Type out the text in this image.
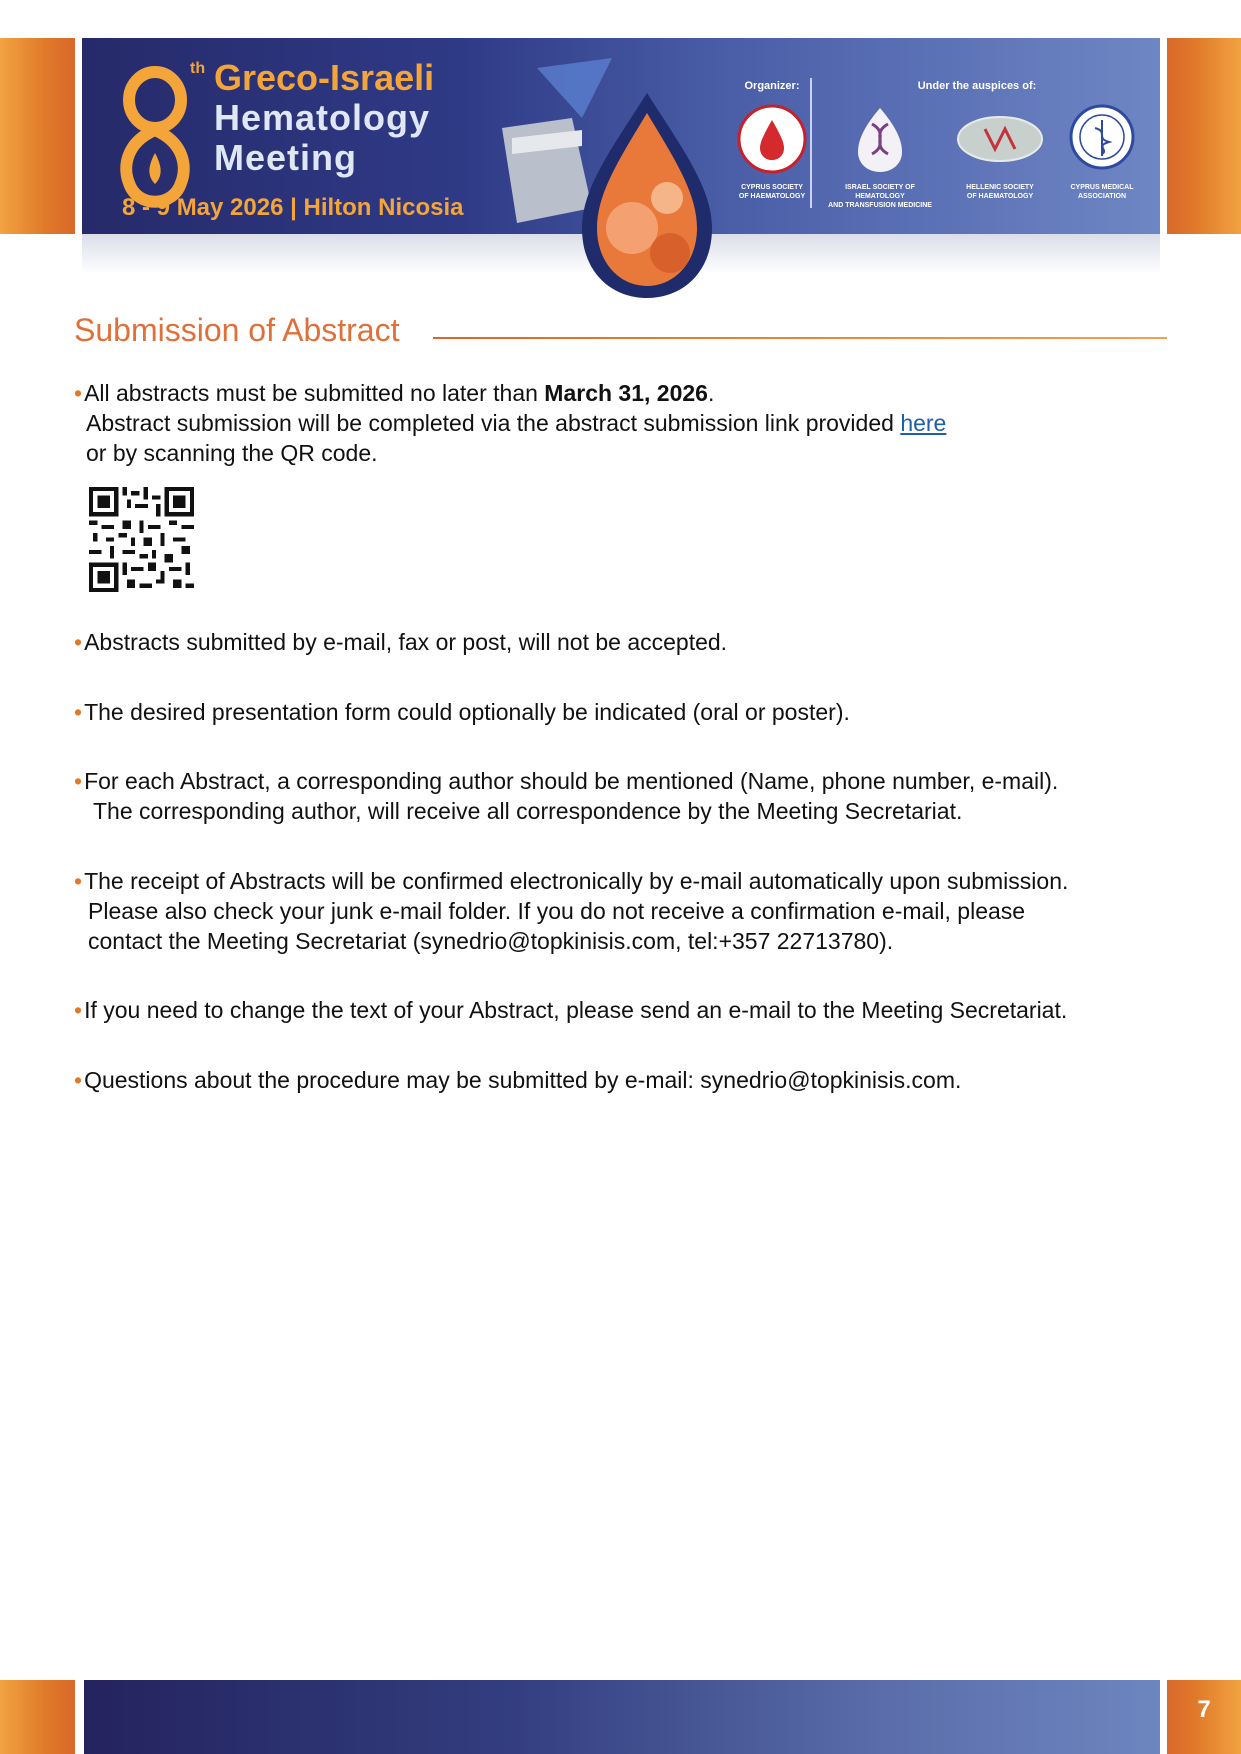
th Greco-Israeli
Hematology
Meeting
8 - 9 May 2026 | Hilton Nicosia
Organizer:	Under the auspices of:
CYPRUS SOCIETY
OF HAEMATOLOGY
ISRAEL SOCIETY OF HEMATOLOGY
AND TRANSFUSION MEDICINE
HELLENIC SOCIETY
OF HAEMATOLOGY
CYPRUS MEDICAL
ASSOCIATION
Submission of Abstract
•All abstracts must be submitted no later than March 31, 2026.
Abstract submission will be completed via the abstract submission link provided here
or by scanning the QR code.
•Abstracts submitted by e-mail, fax or post, will not be accepted.
•The desired presentation form could optionally be indicated (oral or poster).
•For each Abstract, a corresponding author should be mentioned (Name, phone number, e-mail).
The corresponding author, will receive all correspondence by the Meeting Secretariat.
•The receipt of Abstracts will be confirmed electronically by e-mail automatically upon submission.
Please also check your junk e-mail folder. If you do not receive a confirmation e-mail, please
contact the Meeting Secretariat (synedrio@topkinisis.com, tel:+357 22713780).
•If you need to change the text of your Abstract, please send an e-mail to the Meeting Secretariat.
•Questions about the procedure may be submitted by e-mail: synedrio@topkinisis.com.
7
